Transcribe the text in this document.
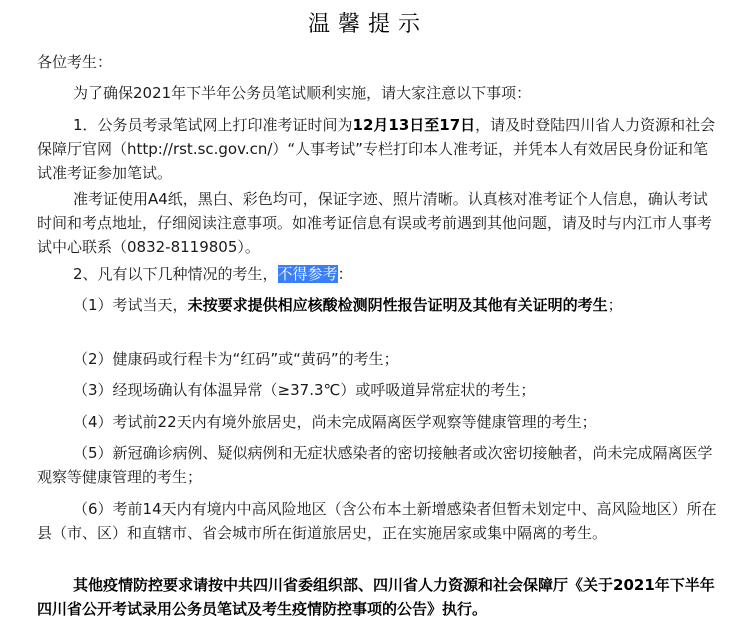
温馨提示

各位考生：

为了确保2021年下半年公务员笔试顺利实施，请大家注意以下事项：

1．公务员考录笔试网上打印准考证时间为12月13日至17日，请及时登陆四川省人力资源和社会保障厅官网（http://rst.sc.gov.cn/）“人事考试”专栏打印本人准考证，并凭本人有效居民身份证和笔试准考证参加笔试。

准考证使用A4纸，黑白、彩色均可，保证字迹、照片清晰。认真核对准考证个人信息，确认考试时间和考点地址，仔细阅读注意事项。如准考证信息有误或考前遇到其他问题，请及时与内江市人事考试中心联系（0832-8119805）。

2、凡有以下几种情况的考生，不得参考：

（1）考试当天，未按要求提供相应核酸检测阴性报告证明及其他有关证明的考生；

（2）健康码或行程卡为“红码”或“黄码”的考生；

（3）经现场确认有体温异常（≥37.3℃）或呼吸道异常症状的考生；

（4）考试前22天内有境外旅居史，尚未完成隔离医学观察等健康管理的考生；

（5）新冠确诊病例、疑似病例和无症状感染者的密切接触者或次密切接触者，尚未完成隔离医学观察等健康管理的考生；

（6）考前14天内有境内中高风险地区（含公布本土新增感染者但暂未划定中、高风险地区）所在县（市、区）和直辖市、省会城市所在街道旅居史，正在实施居家或集中隔离的考生。

其他疫情防控要求请按中共四川省委组织部、四川省人力资源和社会保障厅《关于2021年下半年四川省公开考试录用公务员笔试及考生疫情防控事项的公告》执行。
